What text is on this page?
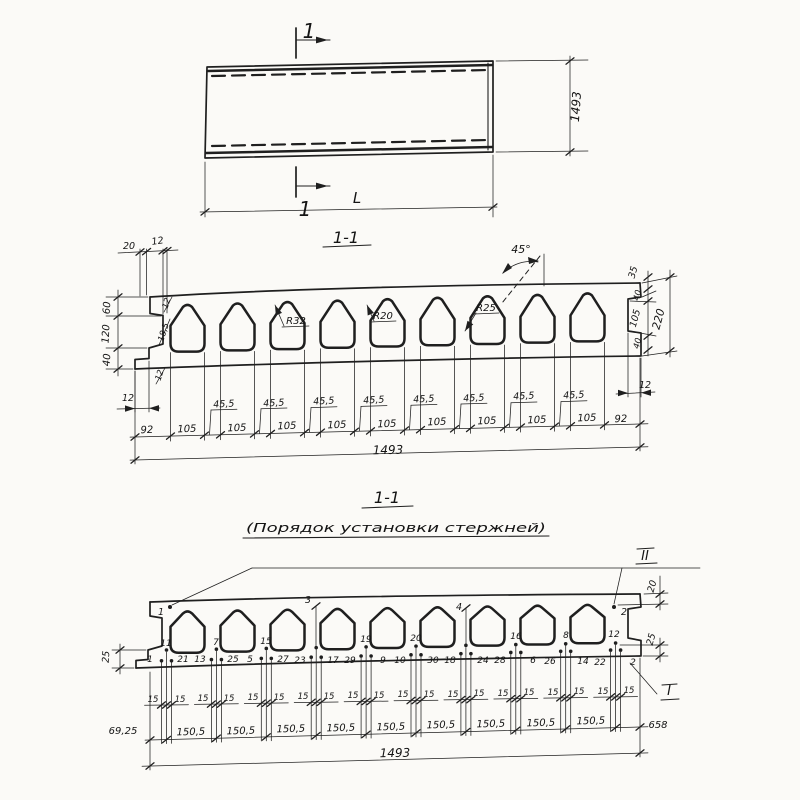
1
1
1493
L
1-1
20 12
60
120
40
12
18,5
12
12
R32	R20
R25
45°
35
40
105
40
220
12
92 105	105	105	105	105	105	105	105	105 92
45,5	45,5	45,5	45,5	45,5	45,5	45,5	45,5
1493
1-1
(Порядок установки стержней)
II
I
1	2
20
25
25
11	7	15
3
19	20
4
16	8	12
1	21 13 25 5	27 23 17 29	9 10 30 18 24 28	6 26 14 22	2
15 15 15 15 15 15 15 15 15 15 15 15 15 15 15 15 15 15 15 15
150,5 150,5 150,5 150,5 150,5 150,5 150,5 150,5 150,5
69,25
658
1493
